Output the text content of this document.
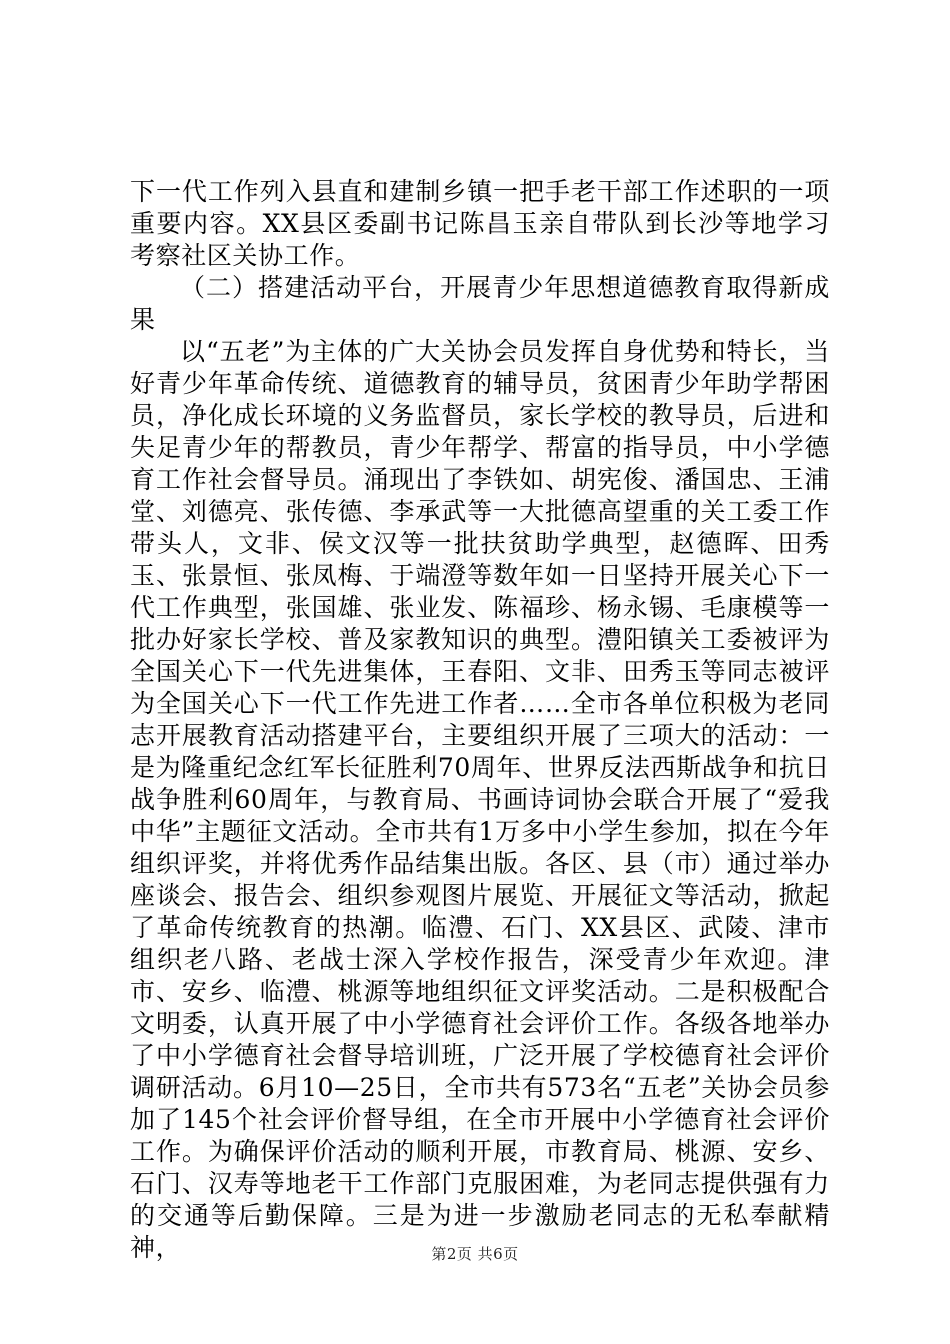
下一代工作列入县直和建制乡镇一把手老干部工作述职的一项重要内容。XX县区委副书记陈昌玉亲自带队到长沙等地学习考察社区关协工作。

（二）搭建活动平台，开展青少年思想道德教育取得新成果

以“五老”为主体的广大关协会员发挥自身优势和特长，当好青少年革命传统、道德教育的辅导员，贫困青少年助学帮困员，净化成长环境的义务监督员，家长学校的教导员，后进和失足青少年的帮教员，青少年帮学、帮富的指导员，中小学德育工作社会督导员。涌现出了李铁如、胡宪俊、潘国忠、王浦堂、刘德亮、张传德、李承武等一大批德高望重的关工委工作带头人，文非、侯文汉等一批扶贫助学典型，赵德晖、田秀玉、张景恒、张凤梅、于端澄等数年如一日坚持开展关心下一代工作典型，张国雄、张业发、陈福珍、杨永锡、毛康模等一批办好家长学校、普及家教知识的典型。澧阳镇关工委被评为全国关心下一代先进集体，王春阳、文非、田秀玉等同志被评为全国关心下一代工作先进工作者……全市各单位积极为老同志开展教育活动搭建平台，主要组织开展了三项大的活动：一是为隆重纪念红军长征胜利70周年、世界反法西斯战争和抗日战争胜利60周年，与教育局、书画诗词协会联合开展了“爱我中华”主题征文活动。全市共有1万多中小学生参加，拟在今年组织评奖，并将优秀作品结集出版。各区、县（市）通过举办座谈会、报告会、组织参观图片展览、开展征文等活动，掀起了革命传统教育的热潮。临澧、石门、XX县区、武陵、津市组织老八路、老战士深入学校作报告，深受青少年欢迎。津市、安乡、临澧、桃源等地组织征文评奖活动。二是积极配合文明委，认真开展了中小学德育社会评价工作。各级各地举办了中小学德育社会督导培训班，广泛开展了学校德育社会评价调研活动。6月10—25日，全市共有573名“五老”关协会员参加了145个社会评价督导组，在全市开展中小学德育社会评价工作。为确保评价活动的顺利开展，市教育局、桃源、安乡、石门、汉寿等地老干工作部门克服困难，为老同志提供强有力的交通等后勤保障。三是为进一步激励老同志的无私奉献精神，	第2页 共6页
